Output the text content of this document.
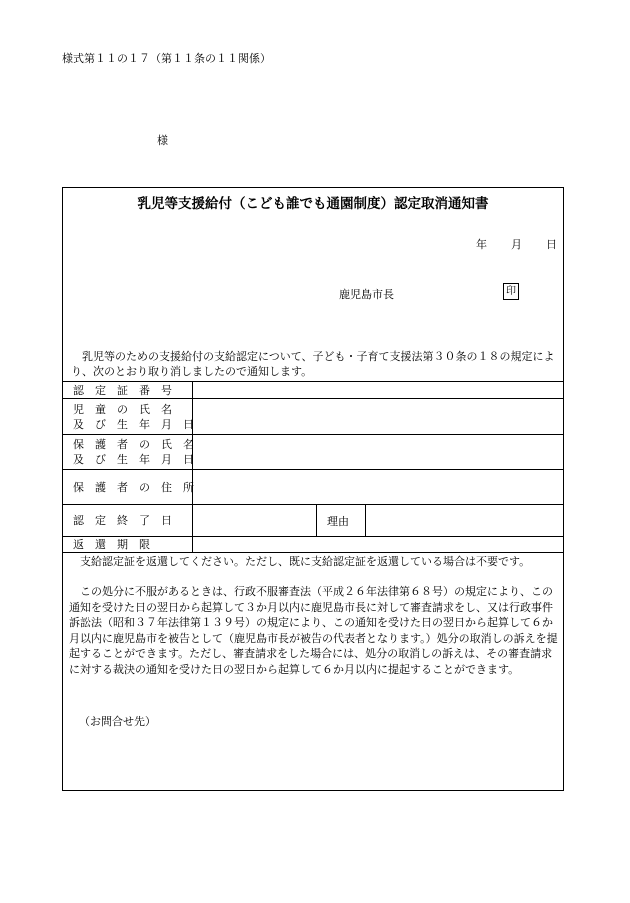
様式第１１の１７（第１１条の１１関係）
様
乳児等支援給付（こども誰でも通園制度）認定取消通知書
年 月 日
鹿児島市長	印
乳児等のための支援給付の支給認定について、子ども・子育て支援法第３０条の１８の規定により、次のとおり取り消しましたので通知します。
認　定　証　番　号
児　童　の　氏　名
及　び　生　年　月　日
保　護　者　の　氏　名
及　び　生　年　月　日
保　護　者　の　住　所
認　定　終　了　日	理由
返　還　期　限

支給認定証を返還してください。ただし、既に支給認定証を返還している場合は不要です。

この処分に不服があるときは、行政不服審査法（平成２６年法律第６８号）の規定により、この通知を受けた日の翌日から起算して３か月以内に鹿児島市長に対して審査請求をし、又は行政事件訴訟法（昭和３７年法律第１３９号）の規定により、この通知を受けた日の翌日から起算して６か月以内に鹿児島市を被告として（鹿児島市長が被告の代表者となります。）処分の取消しの訴えを提起することができます。ただし、審査請求をした場合には、処分の取消しの訴えは、その審査請求に対する裁決の通知を受けた日の翌日から起算して６か月以内に提起することができます。

（お問合せ先）
